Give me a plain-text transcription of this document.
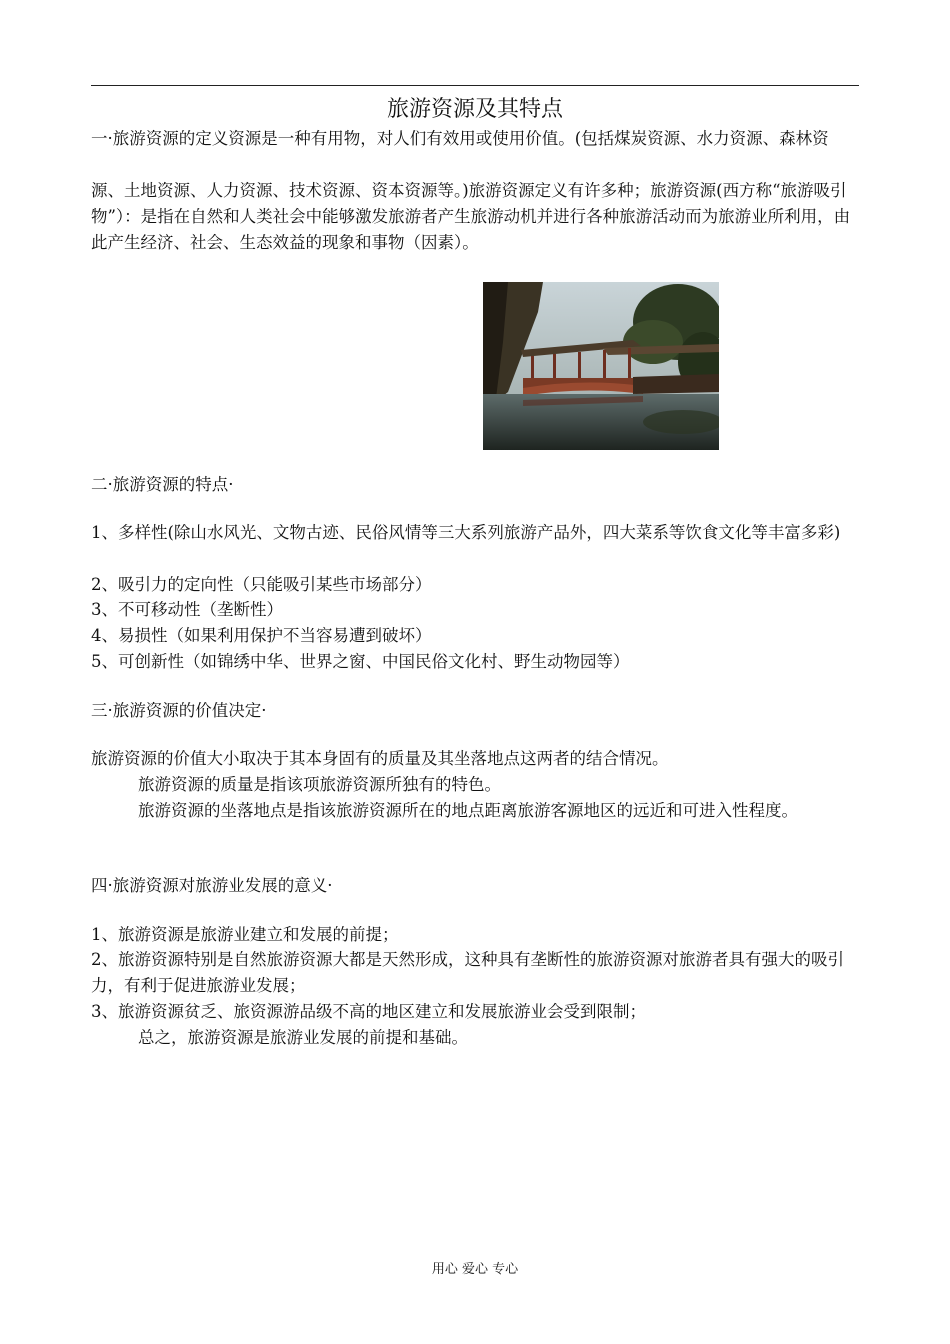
旅游资源及其特点
一·旅游资源的定义资源是一种有用物，对人们有效用或使用价值。(包括煤炭资源、水力资源、森林资
源、土地资源、人力资源、技术资源、资本资源等。)旅游资源定义有许多种；旅游资源(西方称“旅游吸引物”）：是指在自然和人类社会中能够激发旅游者产生旅游动机并进行各种旅游活动而为旅游业所利用，由此产生经济、社会、生态效益的现象和事物（因素）。
二·旅游资源的特点·
1、多样性(除山水风光、文物古迹、民俗风情等三大系列旅游产品外，四大菜系等饮食文化等丰富多彩)
2、吸引力的定向性（只能吸引某些市场部分）
3、不可移动性（垄断性）
4、易损性（如果利用保护不当容易遭到破坏）
5、可创新性（如锦绣中华、世界之窗、中国民俗文化村、野生动物园等）
三·旅游资源的价值决定·
旅游资源的价值大小取决于其本身固有的质量及其坐落地点这两者的结合情况。
旅游资源的质量是指该项旅游资源所独有的特色。
旅游资源的坐落地点是指该旅游资源所在的地点距离旅游客源地区的远近和可进入性程度。
四·旅游资源对旅游业发展的意义·
1、旅游资源是旅游业建立和发展的前提；
2、旅游资源特别是自然旅游资源大都是天然形成，这种具有垄断性的旅游资源对旅游者具有强大的吸引力，有利于促进旅游业发展；
3、旅游资源贫乏、旅资源游品级不高的地区建立和发展旅游业会受到限制；
总之，旅游资源是旅游业发展的前提和基础。
用心 爱心 专心
